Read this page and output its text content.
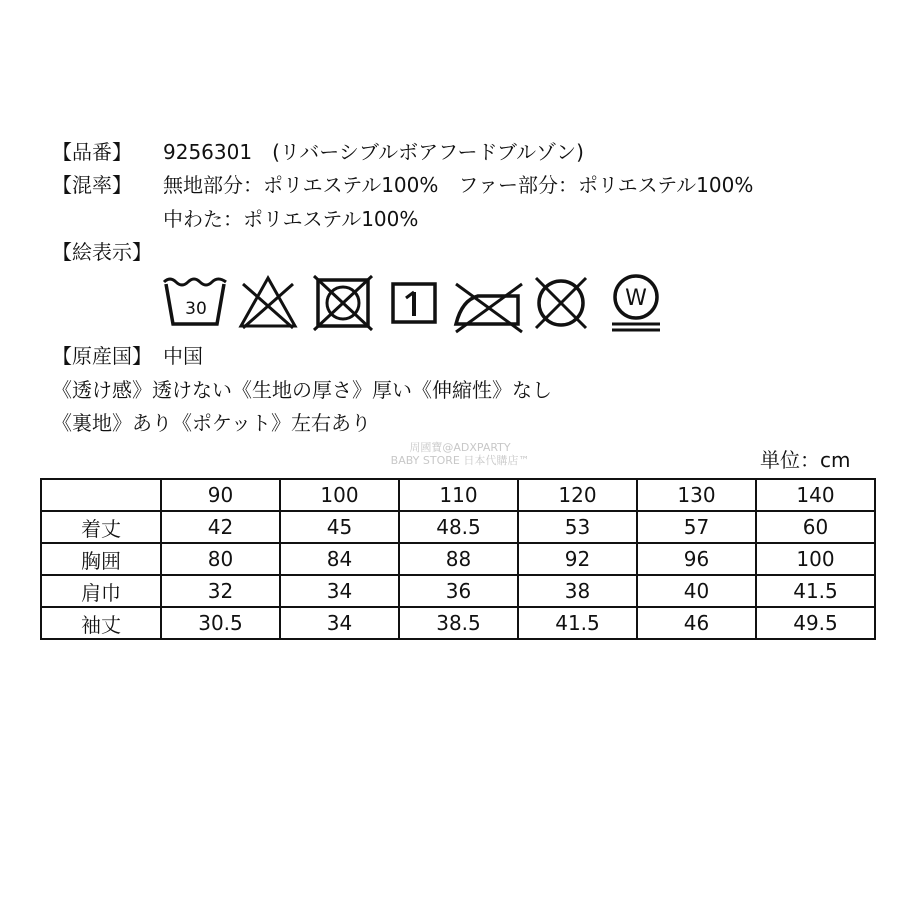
【品番】 9256301　(リバーシブルボアフードブルゾン)
【混率】 無地部分：ポリエステル100%　ファー部分：ポリエステル100%
中わた：ポリエステル100%
【絵表示】
30	W
【原産国】 中国
《透け感》透けない《生地の厚さ》厚い《伸縮性》なし
《裏地》あり《ポケット》左右あり
周國寶@ADXPARTY
BABY STORE 日本代購店™	単位：cm
	90	100	110	120	130	140
着丈	42	45	48.5	53	57	60
胸囲	80	84	88	92	96	100
肩巾	32	34	36	38	40	41.5
袖丈	30.5	34	38.5	41.5	46	49.5
